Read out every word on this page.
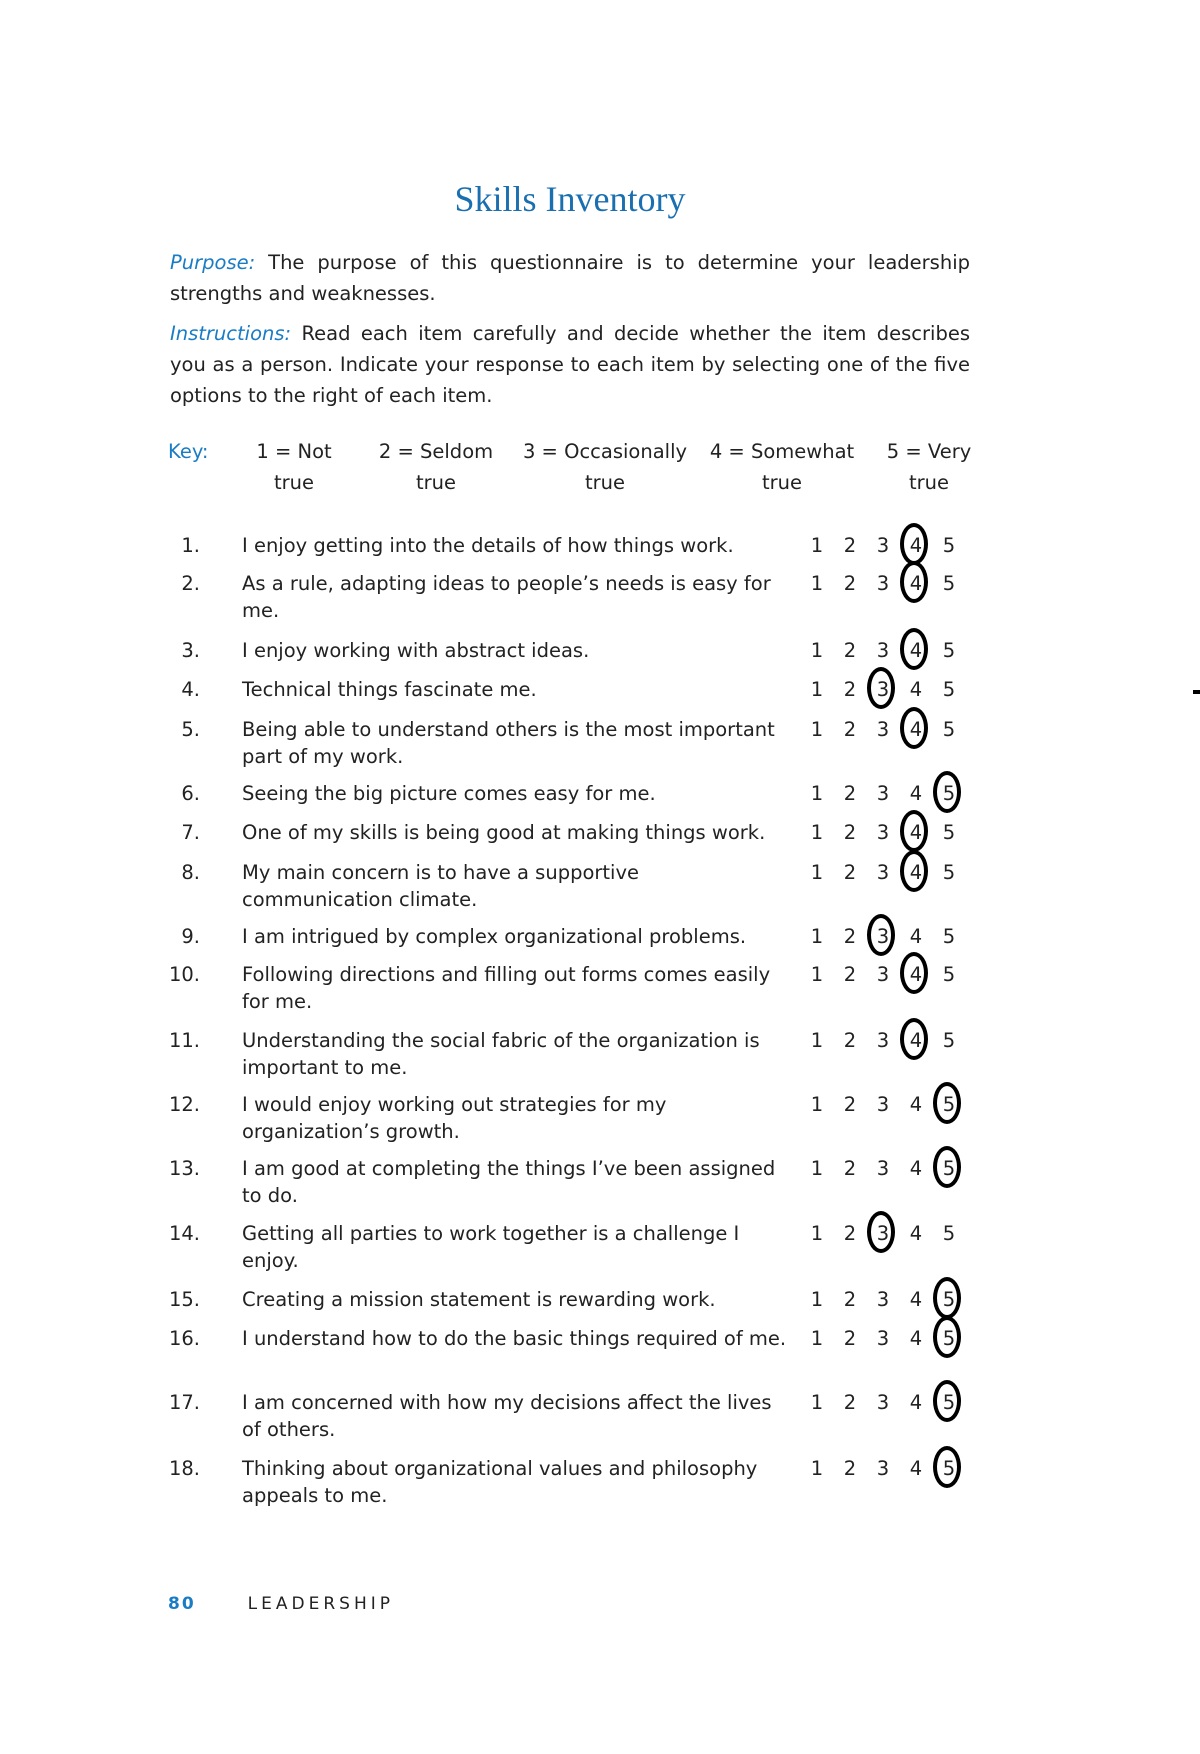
Skills Inventory
Purpose: The purpose of this questionnaire is to determine your leadership strengths and weaknesses.
Instructions: Read each item carefully and decide whether the item describes you as a person. Indicate your response to each item by selecting one of the five options to the right of each item.
Key:	1 = Not true
2 = Seldom
true
3 = Occasionally
true
4 = Somewhat
true
5 = Very
true
1. I enjoy getting into the details of how things work.	1 2 3 4 5
2. As a rule, adapting ideas to people’s needs is easy for me.
1 2 3 4 5
3. I enjoy working with abstract ideas.	1 2 3 4 5
4. Technical things fascinate me.	1 2 3 4 5
5. Being able to understand others is the most important part of my work.
1 2 3 4 5
6. Seeing the big picture comes easy for me.	1 2 3 4 5
7. One of my skills is being good at making things work.	1 2 3 4 5
8. My main concern is to have a supportive communication climate.
1 2 3 4 5
9. I am intrigued by complex organizational problems.	1 2 3 4 5
10. Following directions and filling out forms comes easily for me.
1 2 3 4 5
11. Understanding the social fabric of the organization is important to me.
1 2 3 4 5
12. I would enjoy working out strategies for my organization’s growth.
1 2 3 4 5
13. I am good at completing the things I’ve been assigned to do.
1 2 3 4 5
14. Getting all parties to work together is a challenge I enjoy.
1 2 3 4 5
15. Creating a mission statement is rewarding work.	1 2 3 4 5
16. I understand how to do the basic things required of me. 1 2 3 4 5
17. I am concerned with how my decisions affect the lives of others.
1 2 3 4 5
18. Thinking about organizational values and philosophy appeals to me.
1 2 3 4 5
80	LEADERSHIP
